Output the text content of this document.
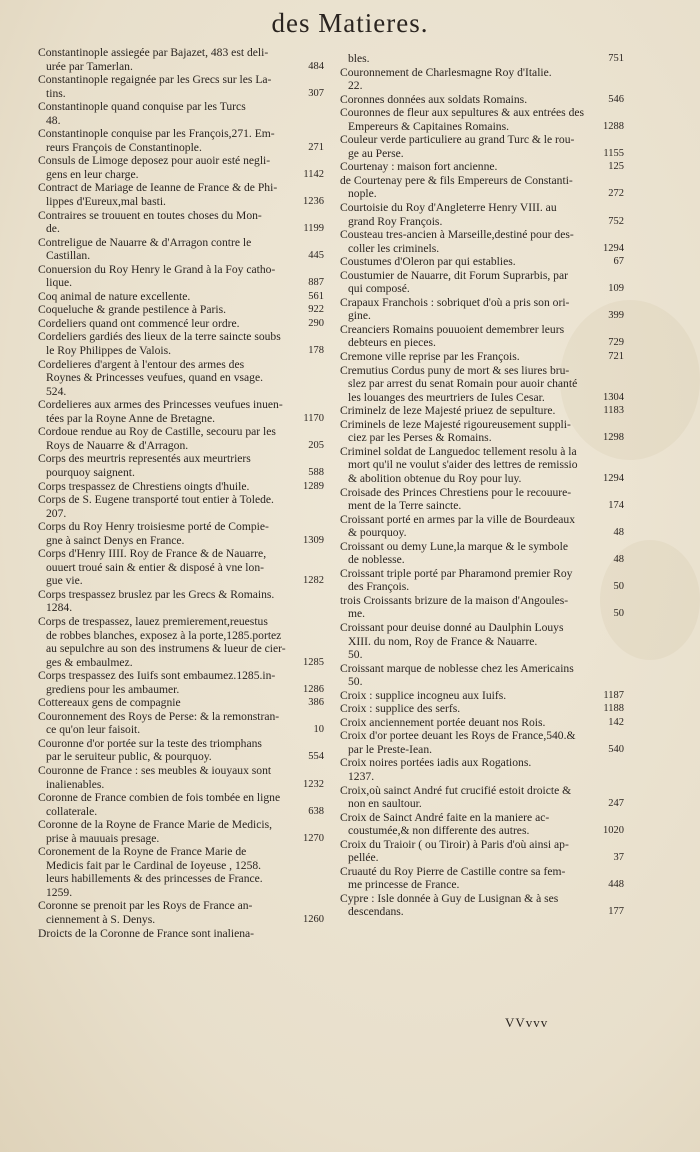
des Matieres.
Constantinople assiegée par Bajazet, 483 est deli-
484
urée par Tamerlan.
Constantinople regaignée par les Grecs sur les La-
307
tins.
Constantinople quand conquise par les Turcs
48.
Constantinople conquise par les François,271. Em-
271
reurs François de Constantinople.
Consuls de Limoge deposez pour auoir esté negli-
1142
gens en leur charge.
Contract de Mariage de Ieanne de France & de Phi-
1236
lippes d'Eureux,mal basti.
Contraires se trouuent en toutes choses du Mon-
1199
de.
Contreligue de Nauarre & d'Arragon contre le
445
Castillan.
Conuersion du Roy Henry le Grand à la Foy catho-
887
lique.
561
Coq animal de nature excellente.
922
Coqueluche & grande pestilence à Paris.
290
Cordeliers quand ont commencé leur ordre.
Cordeliers gardiés des lieux de la terre saincte soubs
178
le Roy Philippes de Valois.
Cordelieres d'argent à l'entour des armes des
Roynes & Princesses veufues, quand en vsage.
524.
Cordelieres aux armes des Princesses veufues inuen-
1170
tées par la Royne Anne de Bretagne.
Cordoue rendue au Roy de Castille, secouru par les
205
Roys de Nauarre & d'Arragon.
Corps des meurtris representés aux meurtriers
588
pourquoy saignent.
1289
Corps trespassez de Chrestiens oingts d'huile.
Corps de S. Eugene transporté tout entier à Tolede.
207.
Corps du Roy Henry troisiesme porté de Compie-
1309
gne à sainct Denys en France.
Corps d'Henry IIII. Roy de France & de Nauarre,
ouuert troué sain & entier & disposé à vne lon-
1282
gue vie.
Corps trespassez bruslez par les Grecs & Romains.
1284.
Corps de trespassez, lauez premierement,reuestus
de robbes blanches, exposez à la porte,1285.portez
au sepulchre au son des instrumens & lueur de cier-
1285
ges & embaulmez.
Corps trespassez des Iuifs sont embaumez.1285.in-
1286
grediens pour les ambaumer.
386
Cottereaux gens de compagnie
Couronnement des Roys de Perse: & la remonstran-
10
ce qu'on leur faisoit.
Couronne d'or portée sur la teste des triomphans
554
par le seruiteur public, & pourquoy.
Couronne de France : ses meubles & iouyaux sont
1232
inalienables.
Coronne de France combien de fois tombée en ligne
638
collaterale.
Coronne de la Royne de France Marie de Medicis,
1270
prise à mauuais presage.
Coronement de la Royne de France Marie de
Medicis fait par le Cardinal de Ioyeuse , 1258.
leurs habillements & des princesses de France.
1259.
Coronne se prenoit par les Roys de France an-
1260
ciennement à S. Denys.
Droicts de la Coronne de France sont inaliena-
751
bles.
Couronnement de Charlesmagne Roy d'Italie.
22.
546
Coronnes données aux soldats Romains.
Couronnes de fleur aux sepultures & aux entrées des
1288
Empereurs & Capitaines Romains.
Couleur verde particuliere au grand Turc & le rou-
1155
ge au Perse.
125
Courtenay : maison fort ancienne.
de Courtenay pere & fils Empereurs de Constanti-
272
nople.
Courtoisie du Roy d'Angleterre Henry VIII. au
752
grand Roy François.
Cousteau tres-ancien à Marseille,destiné pour des-
1294
coller les criminels.
67
Coustumes d'Oleron par qui establies.
Coustumier de Nauarre, dit Forum Suprarbis, par
109
qui composé.
Crapaux Franchois : sobriquet d'où a pris son ori-
399
gine.
Creanciers Romains pouuoient demembrer leurs
729
debteurs en pieces.
721
Cremone ville reprise par les François.
Cremutius Cordus puny de mort & ses liures bru-
slez par arrest du senat Romain pour auoir chanté
1304
les louanges des meurtriers de Iules Cesar.
1183
Criminelz de leze Majesté priuez de sepulture.
Criminels de leze Majesté rigoureusement suppli-
1298
ciez par les Perses & Romains.
Criminel soldat de Languedoc tellement resolu à la
mort qu'il ne voulut s'aider des lettres de remissio
1294
& abolition obtenue du Roy pour luy.
Croisade des Princes Chrestiens pour le recouure-
174
ment de la Terre saincte.
Croissant porté en armes par la ville de Bourdeaux
48
& pourquoy.
Croissant ou demy Lune,la marque & le symbole
48
de noblesse.
Croissant triple porté par Pharamond premier Roy
50
des François.
trois Croissants brizure de la maison d'Angoules-
50
me.
Croissant pour deuise donné au Daulphin Louys
XIII. du nom, Roy de France & Nauarre.
50.
Croissant marque de noblesse chez les Americains
50.
1187
Croix : supplice incogneu aux Iuifs.
1188
Croix : supplice des serfs.
142
Croix anciennement portée deuant nos Rois.
Croix d'or portee deuant les Roys de France,540.&
540
par le Preste-Iean.
Croix noires portées iadis aux Rogations.
1237.
Croix,où sainct André fut crucifié estoit droicte &
247
non en saultour.
Croix de Sainct André faite en la maniere ac-
1020
coustumée,& non differente des autres.
Croix du Traioir ( ou Tiroir) à Paris d'où ainsi ap-
37
pellée.
Cruauté du Roy Pierre de Castille contre sa fem-
448
me princesse de France.
Cypre : Isle donnée à Guy de Lusignan & à ses
177
descendans.
VVvvv
